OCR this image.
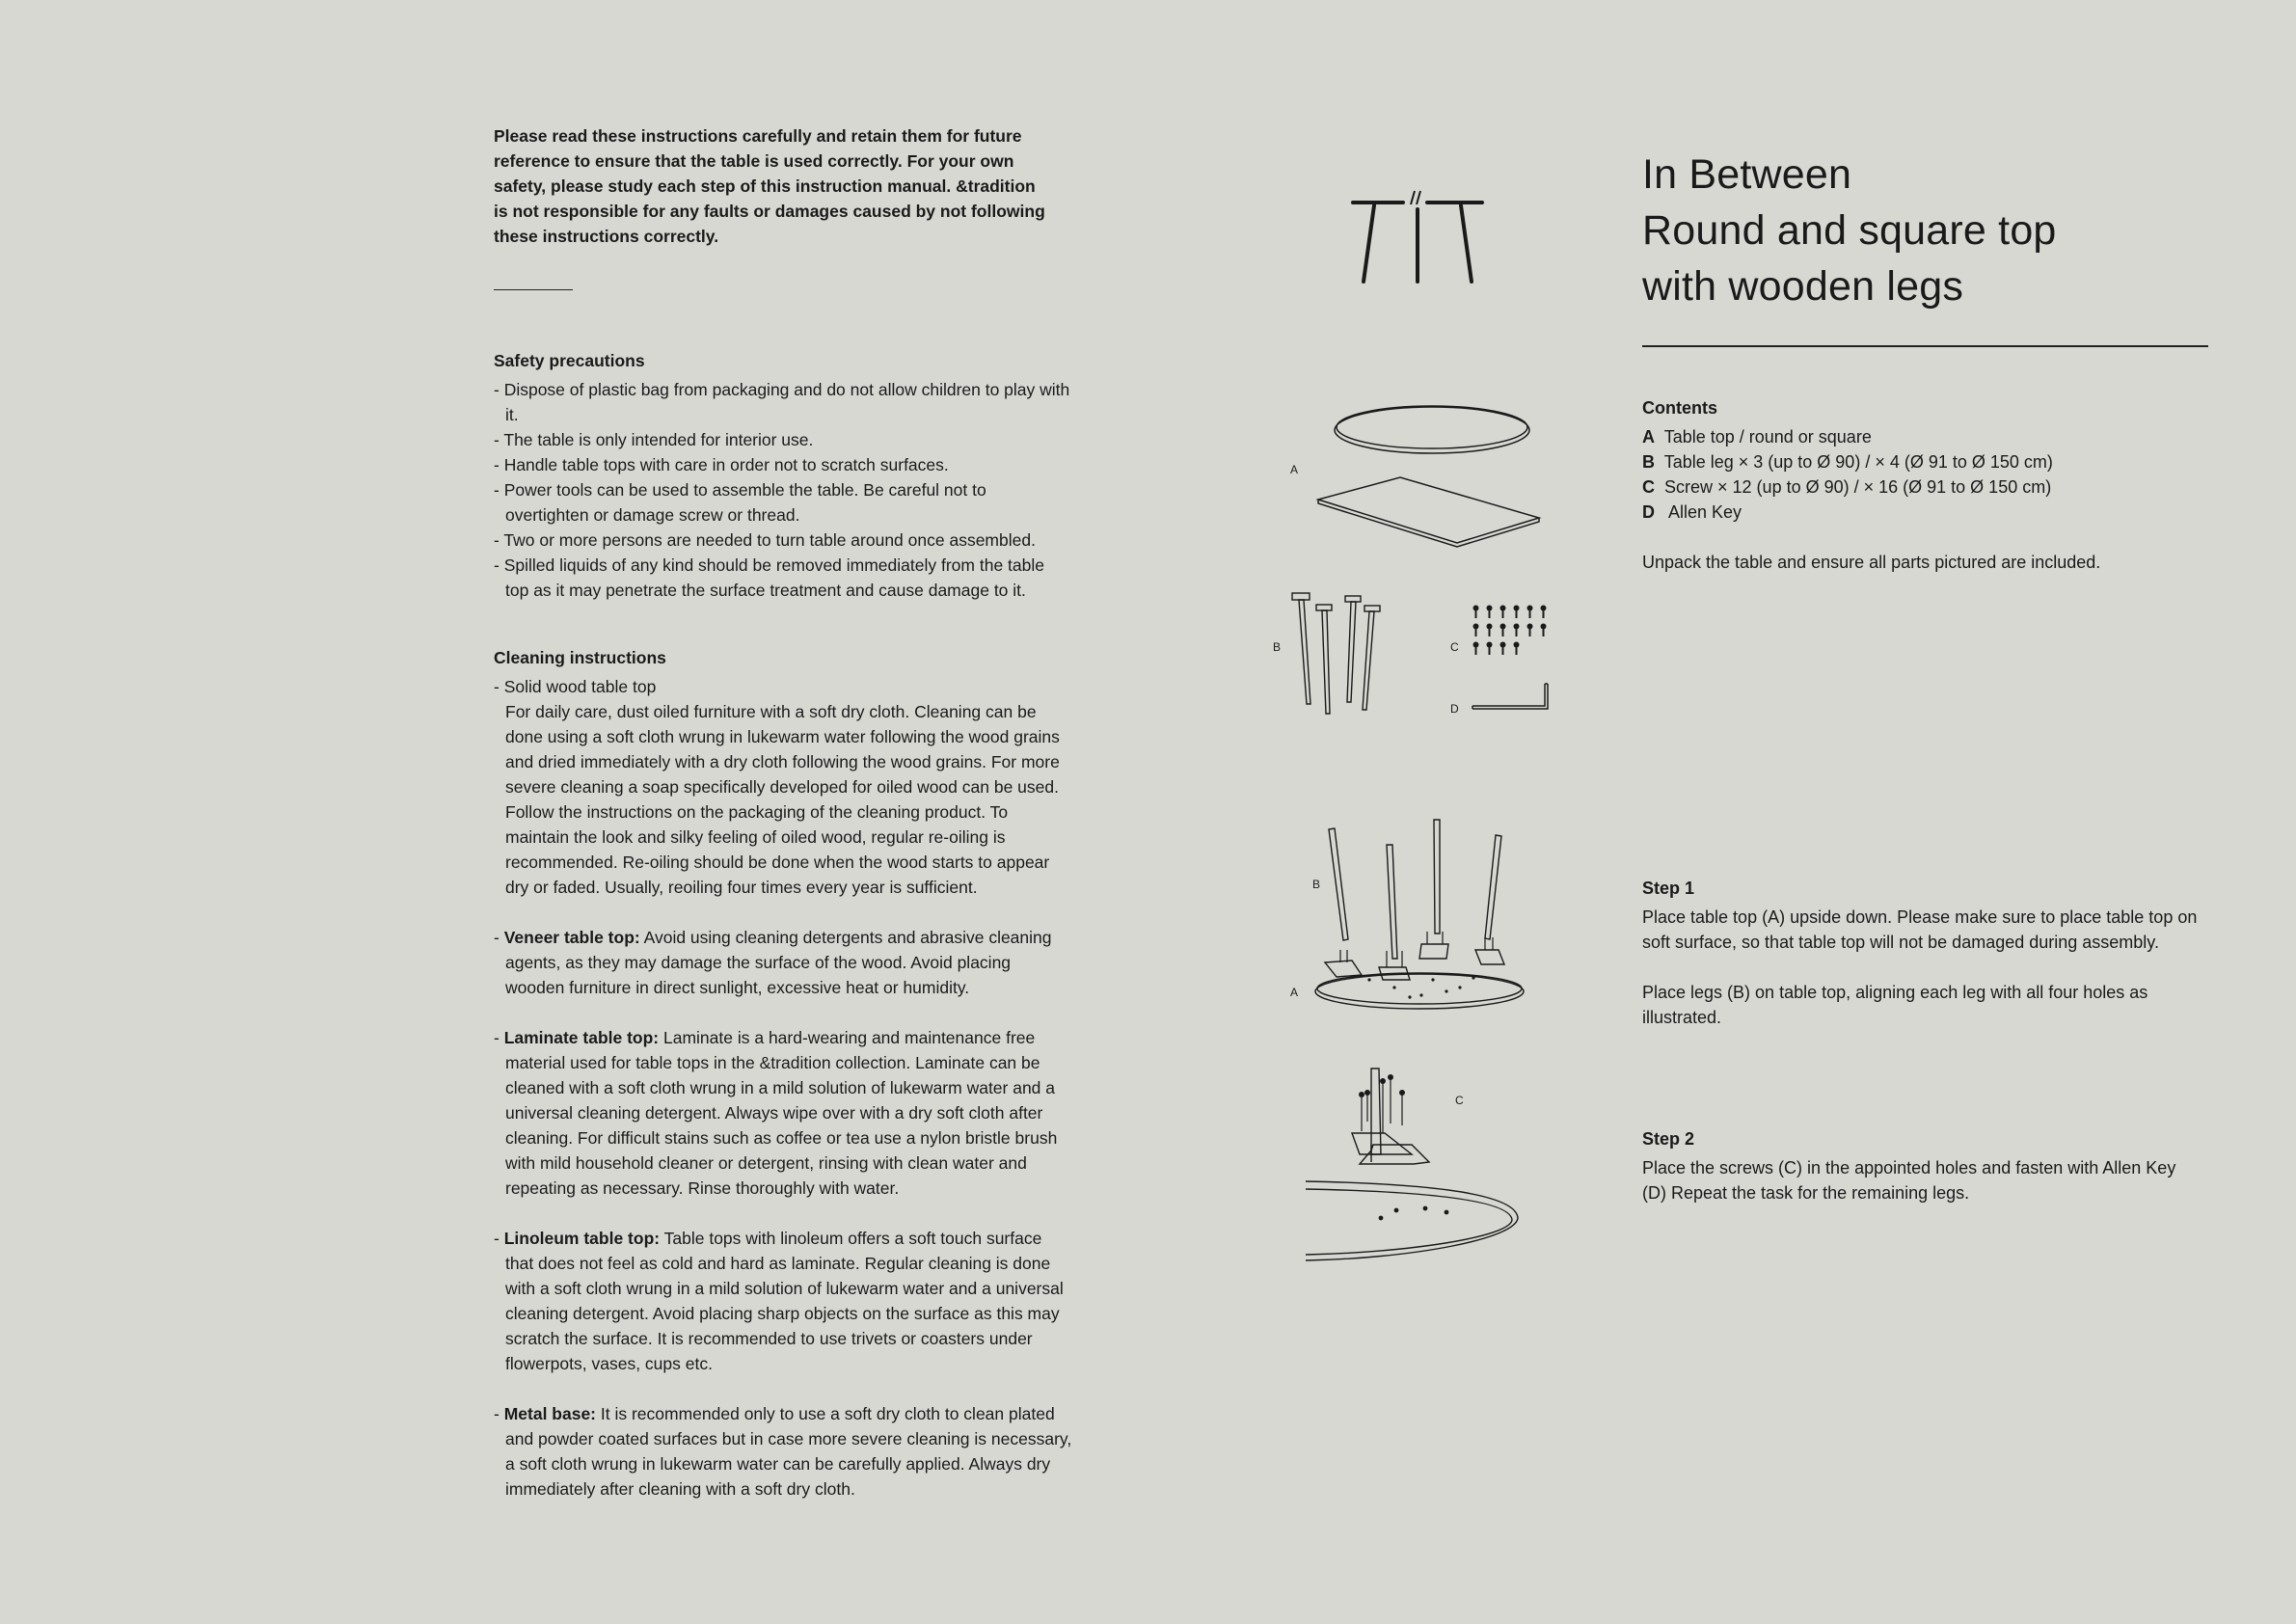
Please read these instructions carefully and retain them for future reference to ensure that the table is used correctly. For your own safety, please study each step of this instruction manual. &tradition is not responsible for any faults or damages caused by not following these instructions correctly.

Safety precautions

- Dispose of plastic bag from packaging and do not allow children to play with it.
- The table is only intended for interior use.
- Handle table tops with care in order not to scratch surfaces.
- Power tools can be used to assemble the table. Be careful not to overtighten or damage screw or thread.
- Two or more persons are needed to turn table around once assembled.
- Spilled liquids of any kind should be removed immediately from the table top as it may penetrate the surface treatment and cause damage to it.

Cleaning instructions

- Solid wood table top
For daily care, dust oiled furniture with a soft dry cloth. Cleaning can be done using a soft cloth wrung in lukewarm water following the wood grains and dried immediately with a dry cloth following the wood grains. For more severe cleaning a soap specifically developed for oiled wood can be used. Follow the instructions on the packaging of the cleaning product. To maintain the look and silky feeling of oiled wood, regular re-oiling is recommended. Re-oiling should be done when the wood starts to appear dry or faded. Usually, reoiling four times every year is sufficient.
- Veneer table top: Avoid using cleaning detergents and abrasive cleaning agents, as they may damage the surface of the wood. Avoid placing wooden furniture in direct sunlight, excessive heat or humidity.
- Laminate table top: Laminate is a hard-wearing and maintenance free material used for table tops in the &tradition collection. Laminate can be cleaned with a soft cloth wrung in a mild solution of lukewarm water and a universal cleaning detergent. Always wipe over with a dry soft cloth after cleaning. For difficult stains such as coffee or tea use a nylon bristle brush with mild household cleaner or detergent, rinsing with clean water and repeating as necessary. Rinse thoroughly with water.
- Linoleum table top: Table tops with linoleum offers a soft touch surface that does not feel as cold and hard as laminate. Regular cleaning is done with a soft cloth wrung in a mild solution of lukewarm water and a universal cleaning detergent. Avoid placing sharp objects on the surface as this may scratch the surface. It is recommended to use trivets or coasters under flowerpots, vases, cups etc.
- Metal base: It is recommended only to use a soft dry cloth to clean plated and powder coated surfaces but in case more severe cleaning is necessary, a soft cloth wrung in lukewarm water can be carefully applied. Always dry immediately after cleaning with a soft dry cloth.
A
B	C
D
B
A
C
In Between
Round and square top
with wooden legs

Contents

A Table top / round or square
B Table leg × 3 (up to Ø 90) / × 4 (Ø 91 to Ø 150 cm)
C Screw × 12 (up to Ø 90) / × 16 (Ø 91 to Ø 150 cm)
D Allen Key

Unpack the table and ensure all parts pictured are included.

Step 1

Place table top (A) upside down. Please make sure to place table top on soft surface, so that table top will not be damaged during assembly.

Place legs (B) on table top, aligning each leg with all four holes as illustrated.

Step 2

Place the screws (C) in the appointed holes and fasten with Allen Key (D) Repeat the task for the remaining legs.
